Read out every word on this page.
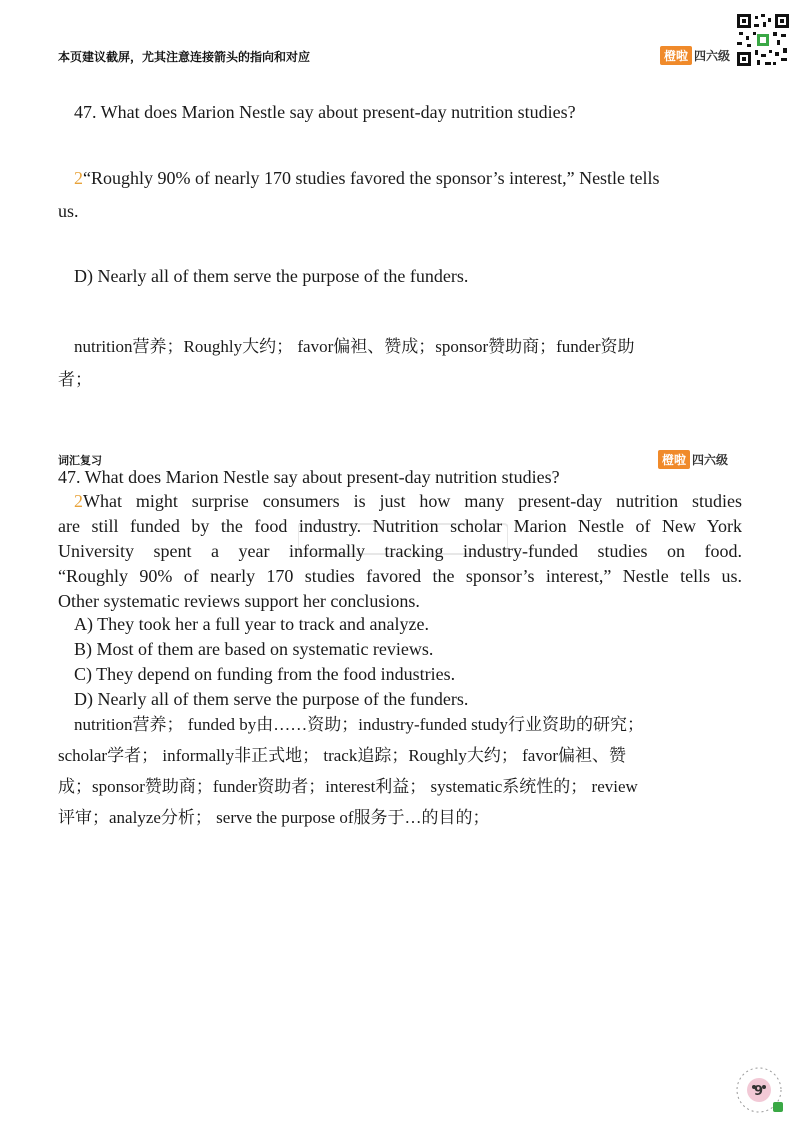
本页建议截屏，尤其注意连接箭头的指向和对应	橙啦 四六级
47. What does Marion Nestle say about present-day nutrition studies?
2“Roughly 90% of nearly 170 studies favored the sponsor’s interest,” Nestle tells
us.
D) Nearly all of them serve the purpose of the funders.
nutrition营养；Roughly大约； favor偏袒、赞成；sponsor赞助商；funder资助
者；
词汇复习	橙啦 四六级
47. What does Marion Nestle say about present-day nutrition studies?
2What might surprise consumers is just how many present-day nutrition studies
are still funded by the food industry. Nutrition scholar Marion Nestle of New York
University spent a year informally tracking industry-funded studies on food.
“Roughly 90% of nearly 170 studies favored the sponsor’s interest,” Nestle tells us.
Other systematic reviews support her conclusions.
A) They took her a full year to track and analyze.
B) Most of them are based on systematic reviews.
C) They depend on funding from the food industries.
D) Nearly all of them serve the purpose of the funders.
nutrition营养； funded by由……资助；industry-funded study行业资助的研究；
scholar学者； informally非正式地； track追踪；Roughly大约； favor偏袒、赞
成；sponsor赞助商；funder资助者；interest利益； systematic系统性的； review
评审；analyze分析； serve the purpose of服务于…的目的；
9
